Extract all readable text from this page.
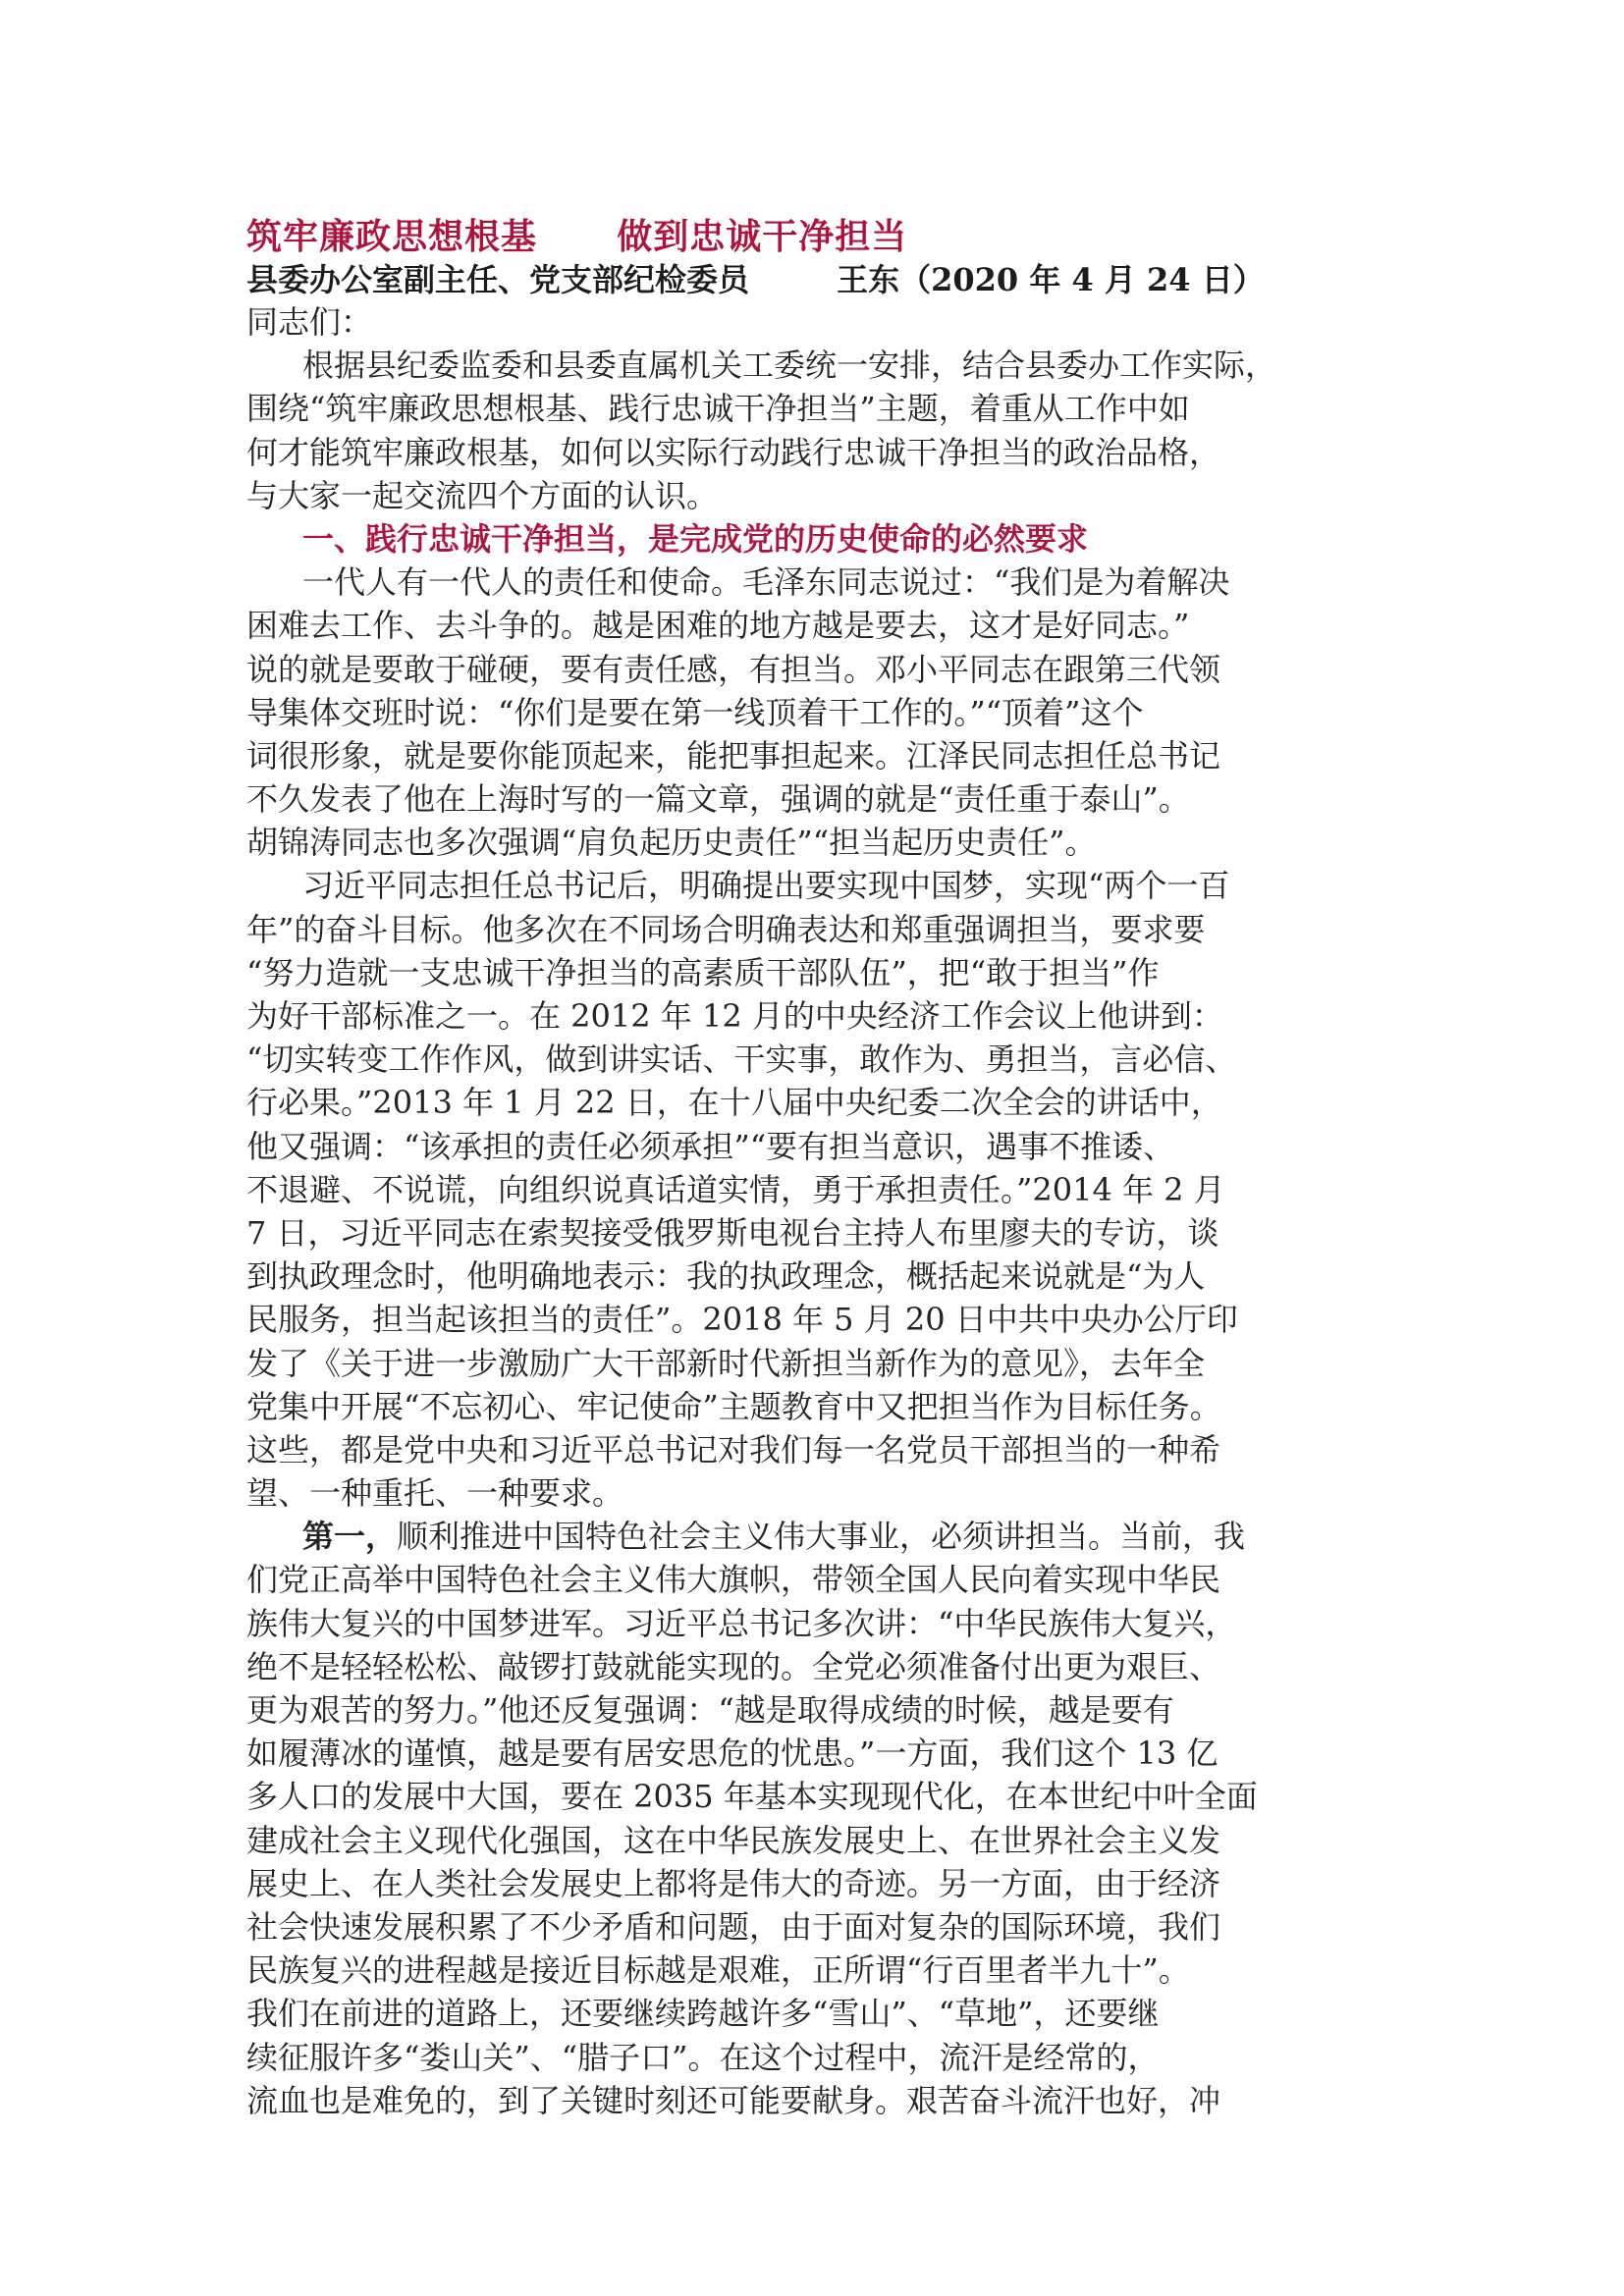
筑牢廉政思想根基      做到忠诚干净担当
县委办公室副主任、党支部纪检委员        王东（2020 年 4 月 24 日）
同志们：
根据县纪委监委和县委直属机关工委统一安排，结合县委办工作实际，
围绕“筑牢廉政思想根基、践行忠诚干净担当”主题，着重从工作中如
何才能筑牢廉政根基，如何以实际行动践行忠诚干净担当的政治品格，
与大家一起交流四个方面的认识。
一、践行忠诚干净担当，是完成党的历史使命的必然要求
一代人有一代人的责任和使命。毛泽东同志说过：“我们是为着解决
困难去工作、去斗争的。越是困难的地方越是要去，这才是好同志。”
说的就是要敢于碰硬，要有责任感，有担当。邓小平同志在跟第三代领
导集体交班时说：“你们是要在第一线顶着干工作的。”“顶着”这个
词很形象，就是要你能顶起来，能把事担起来。江泽民同志担任总书记
不久发表了他在上海时写的一篇文章，强调的就是“责任重于泰山”。
胡锦涛同志也多次强调“肩负起历史责任”“担当起历史责任”。
习近平同志担任总书记后，明确提出要实现中国梦，实现“两个一百
年”的奋斗目标。他多次在不同场合明确表达和郑重强调担当，要求要
“努力造就一支忠诚干净担当的高素质干部队伍”，把“敢于担当”作
为好干部标准之一。在 2012 年 12 月的中央经济工作会议上他讲到：
“切实转变工作作风，做到讲实话、干实事，敢作为、勇担当，言必信、
行必果。”2013 年 1 月 22 日，在十八届中央纪委二次全会的讲话中，
他又强调：“该承担的责任必须承担”“要有担当意识，遇事不推诿、
不退避、不说谎，向组织说真话道实情，勇于承担责任。”2014 年 2 月
7 日，习近平同志在索契接受俄罗斯电视台主持人布里廖夫的专访，谈
到执政理念时，他明确地表示：我的执政理念，概括起来说就是“为人
民服务，担当起该担当的责任”。2018 年 5 月 20 日中共中央办公厅印
发了《关于进一步激励广大干部新时代新担当新作为的意见》，去年全
党集中开展“不忘初心、牢记使命”主题教育中又把担当作为目标任务。
这些，都是党中央和习近平总书记对我们每一名党员干部担当的一种希
望、一种重托、一种要求。
第一，顺利推进中国特色社会主义伟大事业，必须讲担当。当前，我
们党正高举中国特色社会主义伟大旗帜，带领全国人民向着实现中华民
族伟大复兴的中国梦进军。习近平总书记多次讲：“中华民族伟大复兴，
绝不是轻轻松松、敲锣打鼓就能实现的。全党必须准备付出更为艰巨、
更为艰苦的努力。”他还反复强调：“越是取得成绩的时候，越是要有
如履薄冰的谨慎，越是要有居安思危的忧患。”一方面，我们这个 13 亿
多人口的发展中大国，要在 2035 年基本实现现代化，在本世纪中叶全面
建成社会主义现代化强国，这在中华民族发展史上、在世界社会主义发
展史上、在人类社会发展史上都将是伟大的奇迹。另一方面，由于经济
社会快速发展积累了不少矛盾和问题，由于面对复杂的国际环境，我们
民族复兴的进程越是接近目标越是艰难，正所谓“行百里者半九十”。
我们在前进的道路上，还要继续跨越许多“雪山”、“草地”，还要继
续征服许多“娄山关”、“腊子口”。在这个过程中，流汗是经常的，
流血也是难免的，到了关键时刻还可能要献身。艰苦奋斗流汗也好，冲
